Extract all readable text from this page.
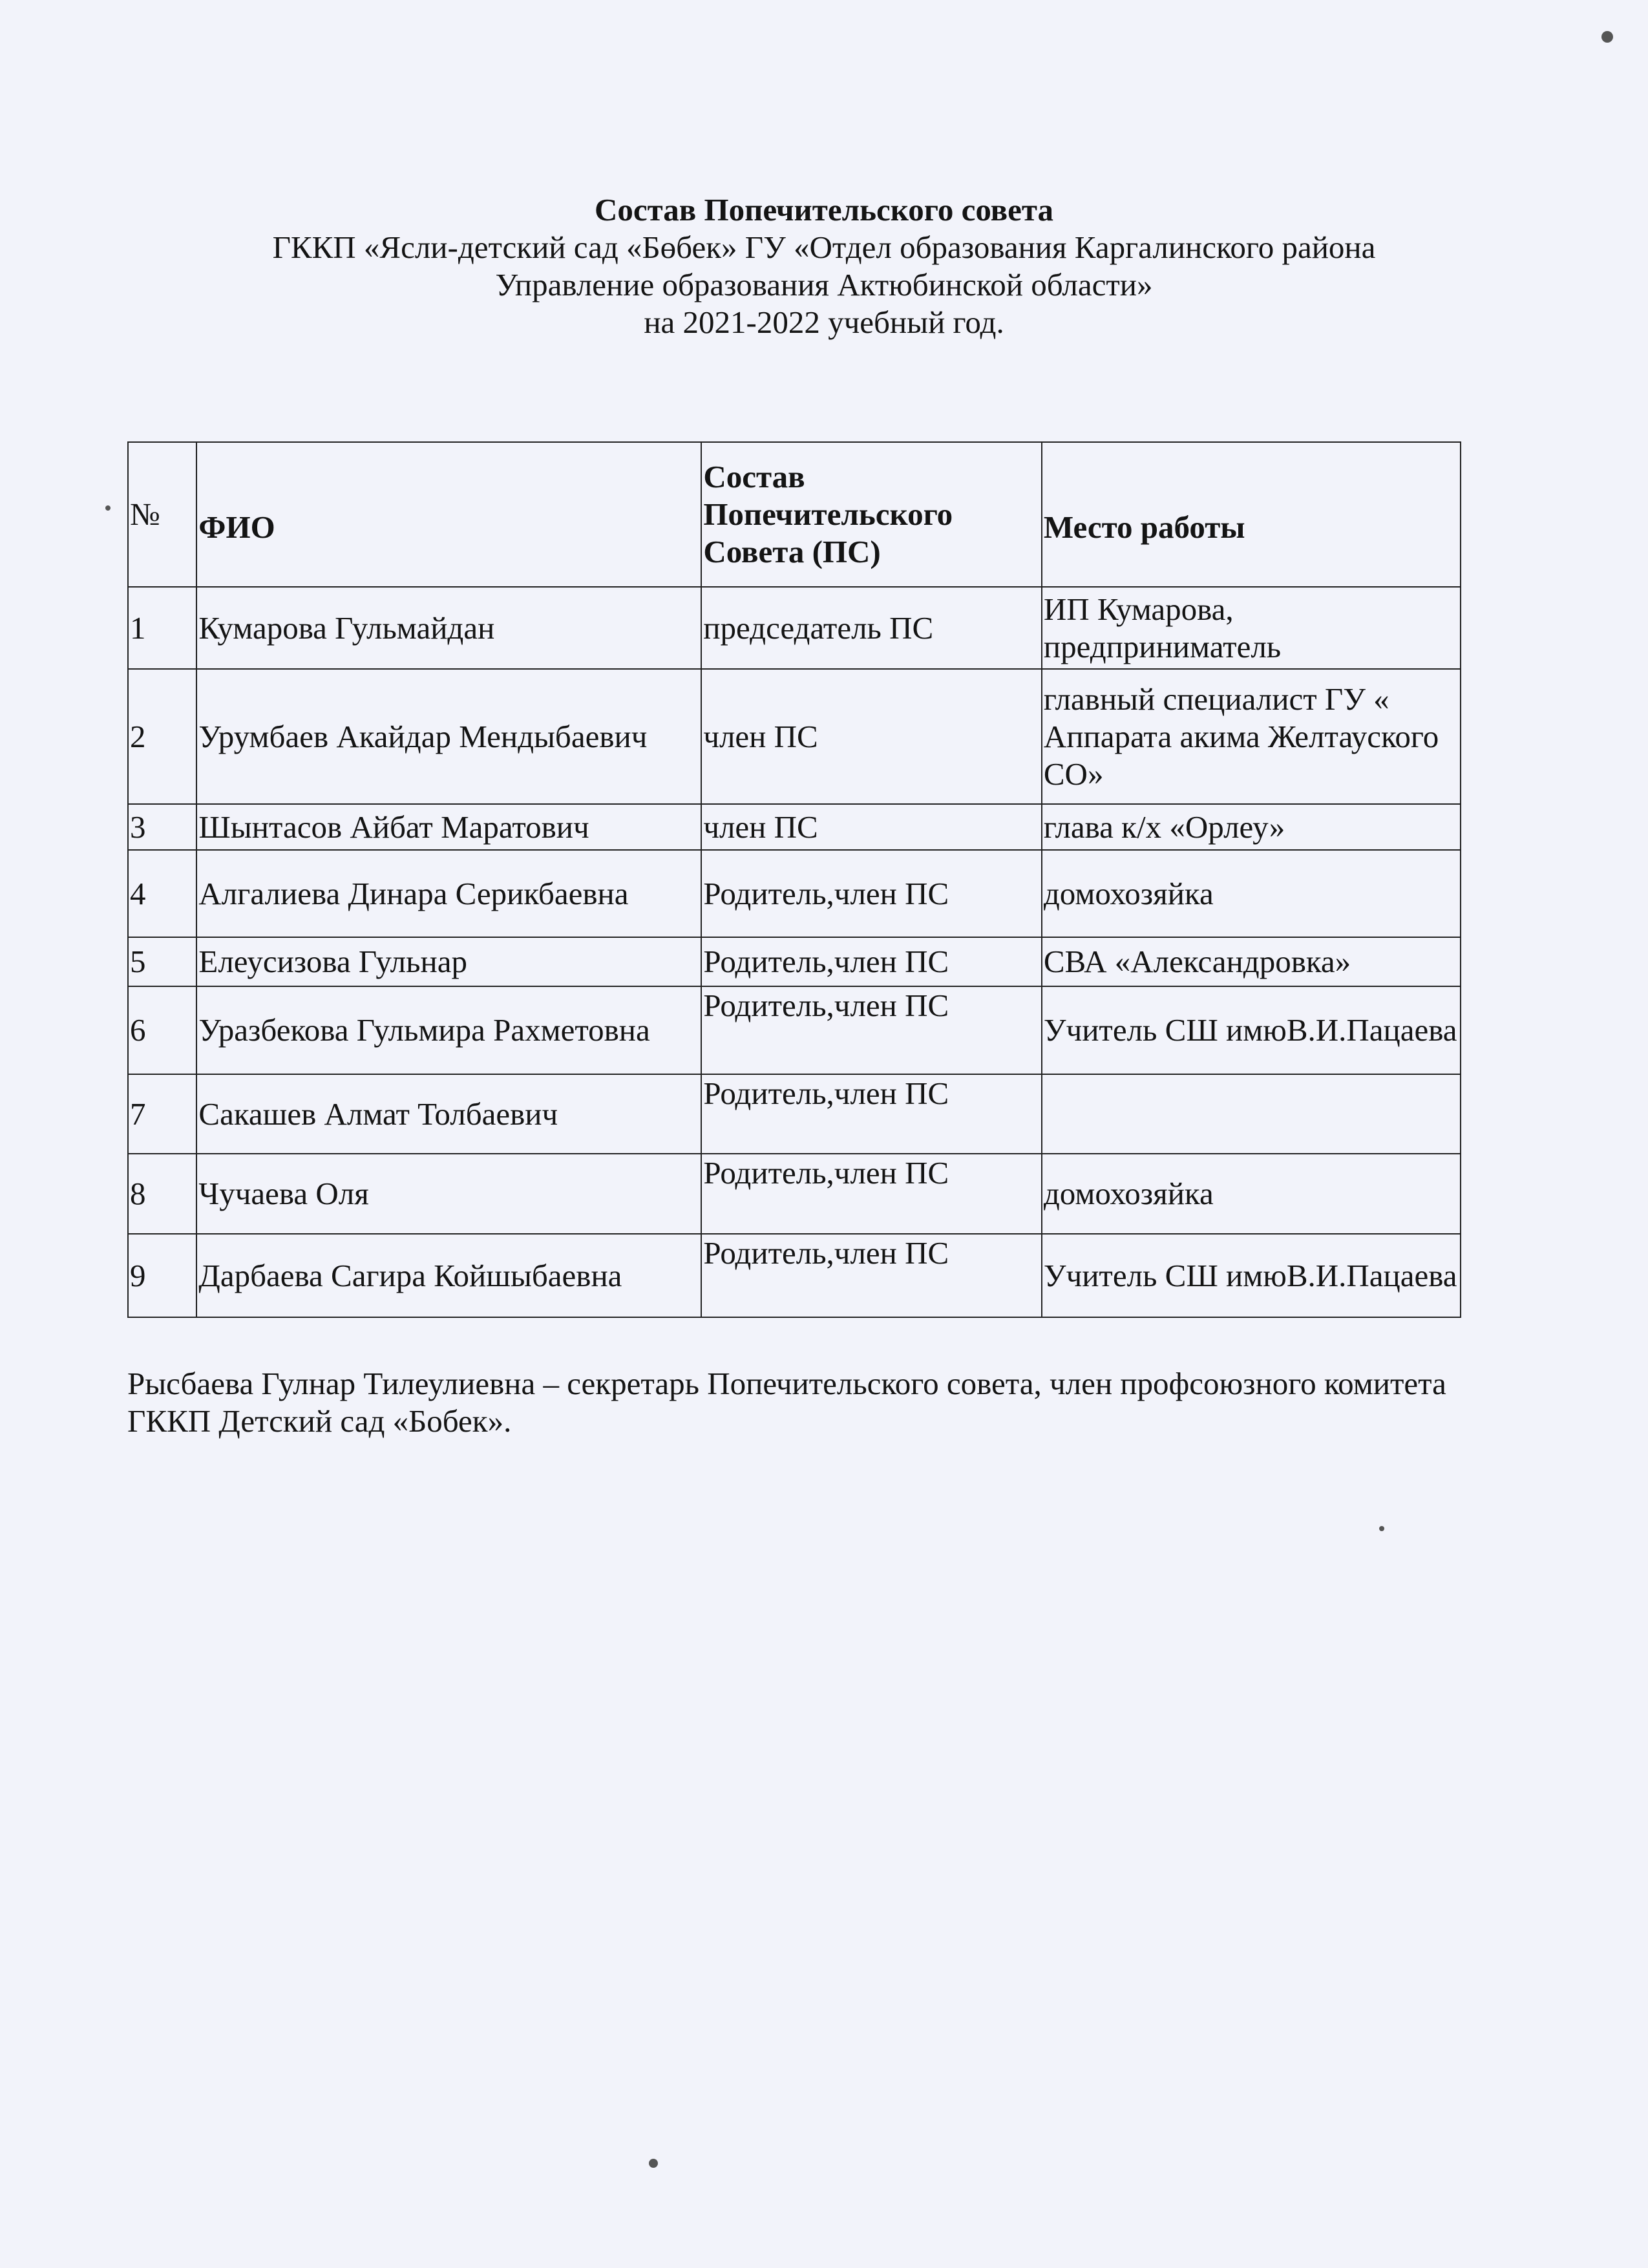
Состав Попечительского совета
ГККП «Ясли-детский сад «Бөбек» ГУ «Отдел образования Каргалинского района
Управление образования Актюбинской области»
на 2021-2022 учебный год.
№	ФИО	Состав Попечительского Совета (ПС)	Место работы
1	Кумарова Гульмайдан	председатель ПС	ИП Кумарова, предприниматель
2	Урумбаев Акайдар Мендыбаевич	член ПС	главный специалист ГУ « Аппарата акима Желтауского СО»
3	Шынтасов Айбат Маратович	член ПС	глава к/х «Орлеу»
4	Алгалиева Динара Серикбаевна	Родитель,член ПС	домохозяйка
5	Елеусизова Гульнар	Родитель,член ПС	СВА «Александровка»
6	Уразбекова Гульмира Рахметовна	Родитель,член ПС	Учитель СШ имюВ.И.Пацаева
7	Сакашев Алмат Толбаевич	Родитель,член ПС	
8	Чучаева Оля	Родитель,член ПС	домохозяйка
9	Дарбаева Сагира Койшыбаевна	Родитель,член ПС	Учитель СШ имюВ.И.Пацаева
Рысбаева Гулнар Тилеулиевна – секретарь Попечительского совета, член профсоюзного комитета ГККП Детский сад «Бобек».
